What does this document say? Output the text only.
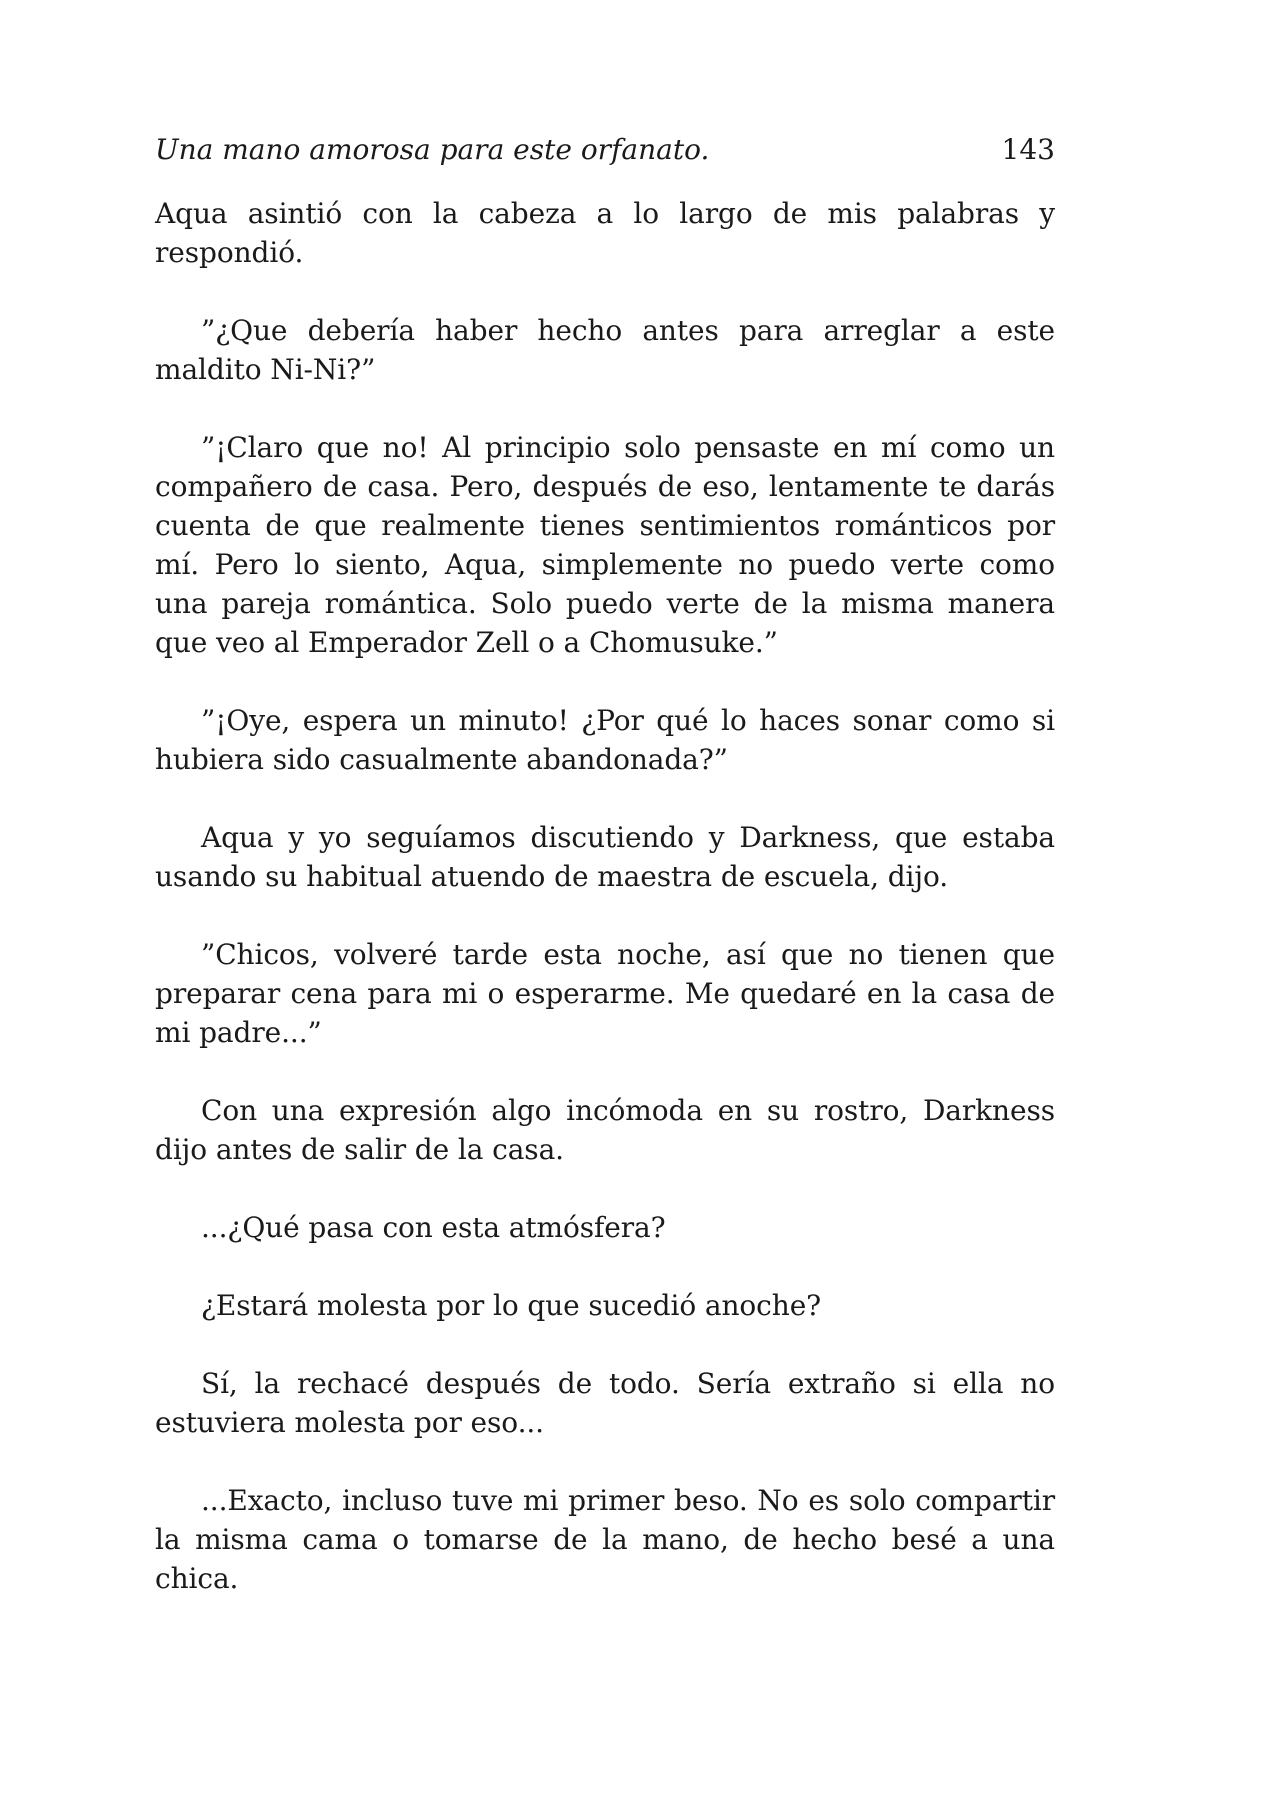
Una mano amorosa para este orfanato.	143

Aqua asintió con la cabeza a lo largo de mis palabras y respondió.

”¿Que debería haber hecho antes para arreglar a este maldito Ni-Ni?”

”¡Claro que no! Al principio solo pensaste en mí como un compañero de casa. Pero, después de eso, lentamente te darás cuenta de que realmente tienes sentimientos románticos por mí. Pero lo siento, Aqua, simplemente no puedo verte como una pareja romántica. Solo puedo verte de la misma manera que veo al Emperador Zell o a Chomusuke.”

”¡Oye, espera un minuto! ¿Por qué lo haces sonar como si hubiera sido casualmente abandonada?”

Aqua y yo seguíamos discutiendo y Darkness, que estaba usando su habitual atuendo de maestra de escuela, dijo.

”Chicos, volveré tarde esta noche, así que no tienen que preparar cena para mi o esperarme. Me quedaré en la casa de mi padre...”

Con una expresión algo incómoda en su rostro, Darkness dijo antes de salir de la casa.

...¿Qué pasa con esta atmósfera?

¿Estará molesta por lo que sucedió anoche?

Sí, la rechacé después de todo. Sería extraño si ella no estuviera molesta por eso...

...Exacto, incluso tuve mi primer beso. No es solo compartir la misma cama o tomarse de la mano, de hecho besé a una chica.
